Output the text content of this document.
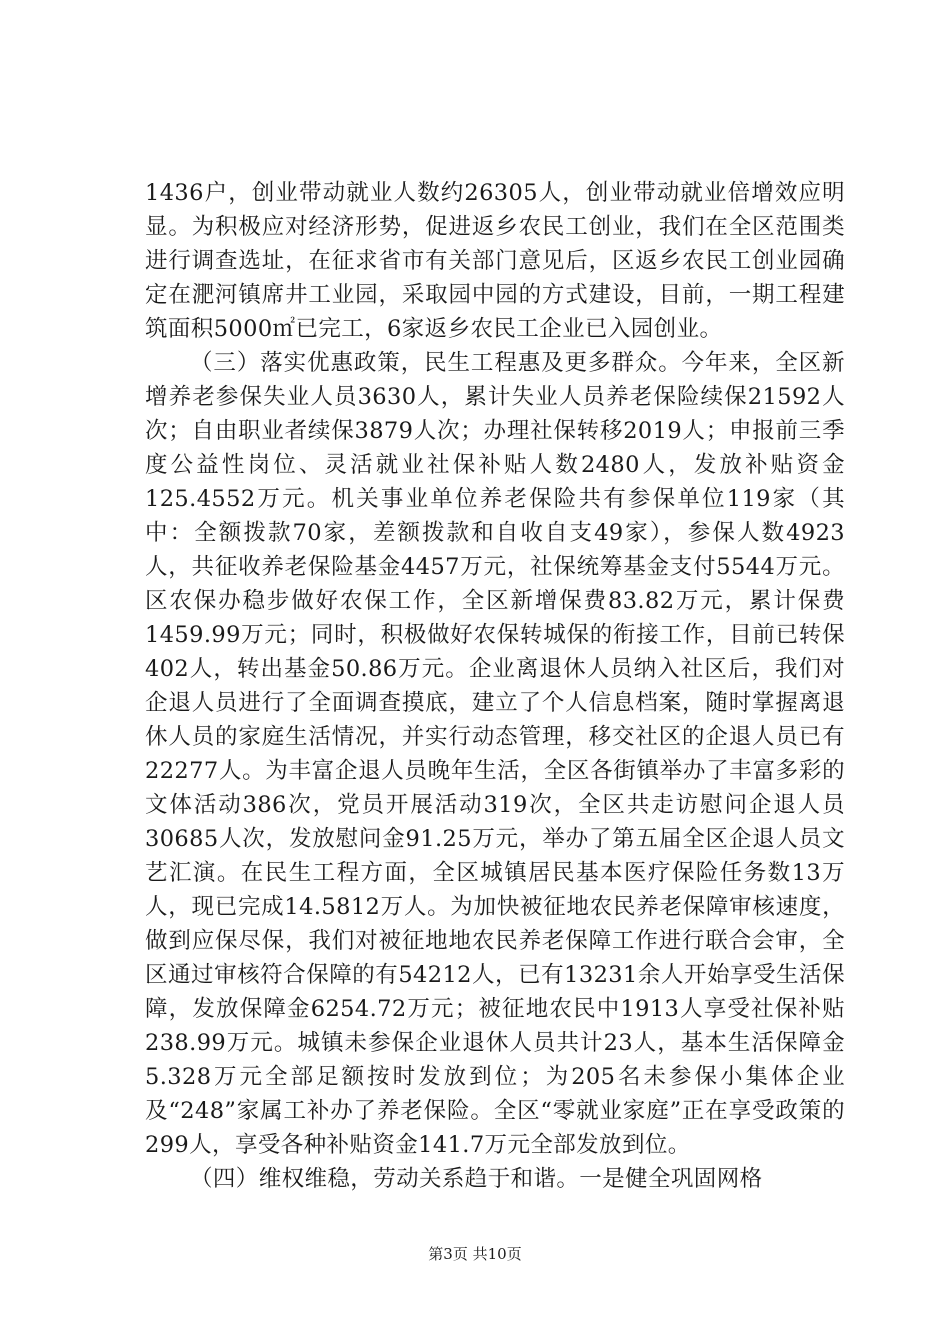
1436户，创业带动就业人数约26305人，创业带动就业倍增效应明显。为积极应对经济形势，促进返乡农民工创业，我们在全区范围类进行调查选址，在征求省市有关部门意见后，区返乡农民工创业园确定在淝河镇席井工业园，采取园中园的方式建设，目前，一期工程建筑面积5000㎡已完工，6家返乡农民工企业已入园创业。

（三）落实优惠政策，民生工程惠及更多群众。今年来，全区新增养老参保失业人员3630人，累计失业人员养老保险续保21592人次；自由职业者续保3879人次；办理社保转移2019人；申报前三季度公益性岗位、灵活就业社保补贴人数2480人，发放补贴资金125.4552万元。机关事业单位养老保险共有参保单位119家（其中：全额拨款70家，差额拨款和自收自支49家），参保人数4923人，共征收养老保险基金4457万元，社保统筹基金支付5544万元。区农保办稳步做好农保工作，全区新增保费83.82万元，累计保费1459.99万元；同时，积极做好农保转城保的衔接工作，目前已转保402人，转出基金50.86万元。企业离退休人员纳入社区后，我们对企退人员进行了全面调查摸底，建立了个人信息档案，随时掌握离退休人员的家庭生活情况，并实行动态管理，移交社区的企退人员已有22277人。为丰富企退人员晚年生活，全区各街镇举办了丰富多彩的文体活动386次，党员开展活动319次，全区共走访慰问企退人员30685人次，发放慰问金91.25万元，举办了第五届全区企退人员文艺汇演。在民生工程方面，全区城镇居民基本医疗保险任务数13万人，现已完成14.5812万人。为加快被征地农民养老保障审核速度，做到应保尽保，我们对被征地地农民养老保障工作进行联合会审，全区通过审核符合保障的有54212人，已有13231余人开始享受生活保障，发放保障金6254.72万元；被征地农民中1913人享受社保补贴238.99万元。城镇未参保企业退休人员共计23人，基本生活保障金5.328万元全部足额按时发放到位；为205名未参保小集体企业及“248”家属工补办了养老保险。全区“零就业家庭”正在享受政策的299人，享受各种补贴资金141.7万元全部发放到位。

（四）维权维稳，劳动关系趋于和谐。一是健全巩固网格

第3页 共10页
